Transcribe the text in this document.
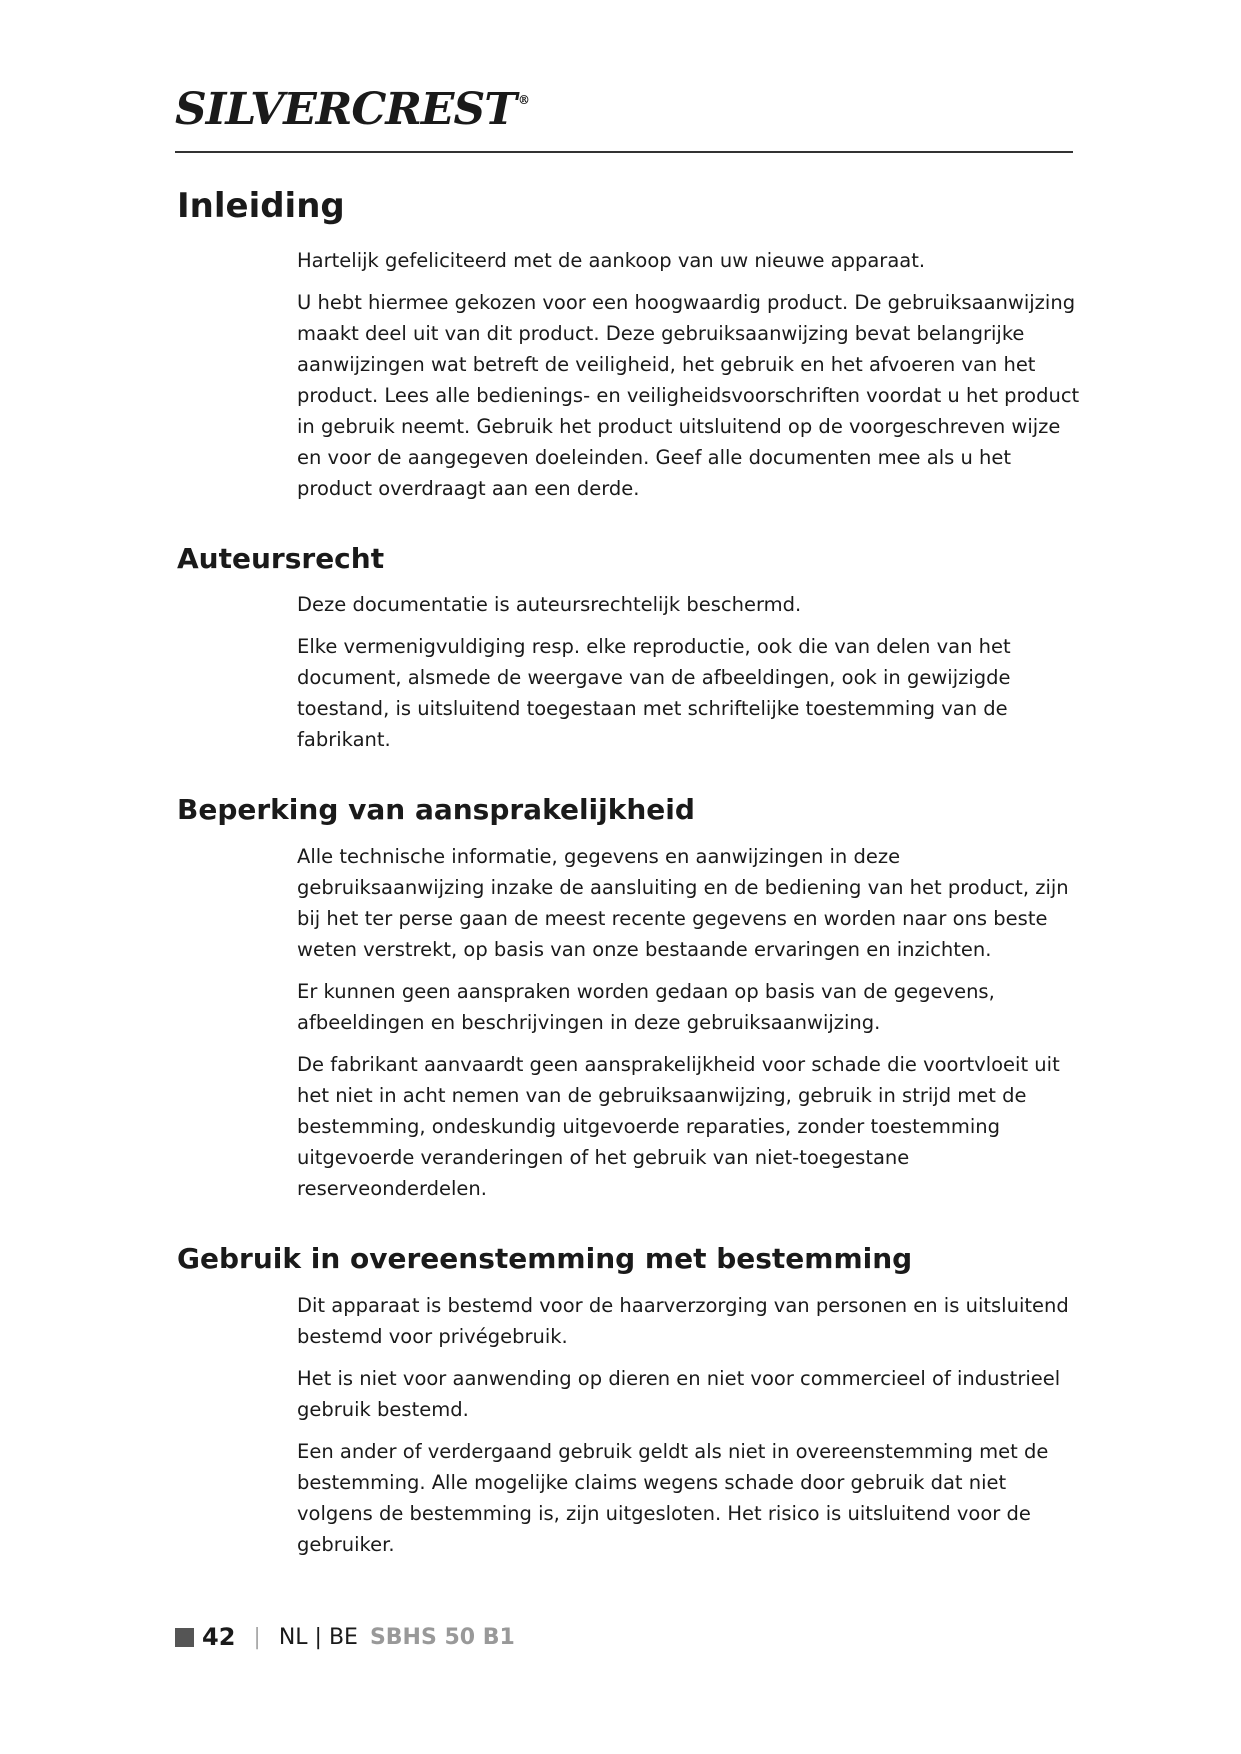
SILVERCREST ®
Inleiding

Hartelijk gefeliciteerd met de aankoop van uw nieuwe apparaat.

U hebt hiermee gekozen voor een hoogwaardig product. De gebruiksaanwijzing maakt deel uit van dit product. Deze gebruiksaanwijzing bevat belangrijke aanwijzingen wat betreft de veiligheid, het gebruik en het afvoeren van het product. Lees alle bedienings- en veiligheidsvoorschriften voordat u het product in gebruik neemt. Gebruik het product uitsluitend op de voorgeschreven wijze en voor de aangegeven doeleinden. Geef alle documenten mee als u het product overdraagt aan een derde.

Auteursrecht

Deze documentatie is auteursrechtelijk beschermd.

Elke vermenigvuldiging resp. elke reproductie, ook die van delen van het document, alsmede de weergave van de afbeeldingen, ook in gewijzigde toestand, is uitsluitend toegestaan met schriftelijke toestemming van de fabrikant.

Beperking van aansprakelijkheid

Alle technische informatie, gegevens en aanwijzingen in deze gebruiksaanwijzing inzake de aansluiting en de bediening van het product, zijn bij het ter perse gaan de meest recente gegevens en worden naar ons beste weten verstrekt, op basis van onze bestaande ervaringen en inzichten.

Er kunnen geen aanspraken worden gedaan op basis van de gegevens, afbeeldingen en beschrijvingen in deze gebruiksaanwijzing.

De fabrikant aanvaardt geen aansprakelijkheid voor schade die voortvloeit uit het niet in acht nemen van de gebruiksaanwijzing, gebruik in strijd met de bestemming, ondeskundig uitgevoerde reparaties, zonder toestemming uitgevoerde veranderingen of het gebruik van niet-toegestane reserveonderdelen.

Gebruik in overeenstemming met bestemming

Dit apparaat is bestemd voor de haarverzorging van personen en is uitsluitend bestemd voor privégebruik.

Het is niet voor aanwending op dieren en niet voor commercieel of industrieel gebruik bestemd.

Een ander of verdergaand gebruik geldt als niet in overeenstemming met de bestemming. Alle mogelijke claims wegens schade door gebruik dat niet volgens de bestemming is, zijn uitgesloten. Het risico is uitsluitend voor de gebruiker.

42 | NL | BE SBHS 50 B1
